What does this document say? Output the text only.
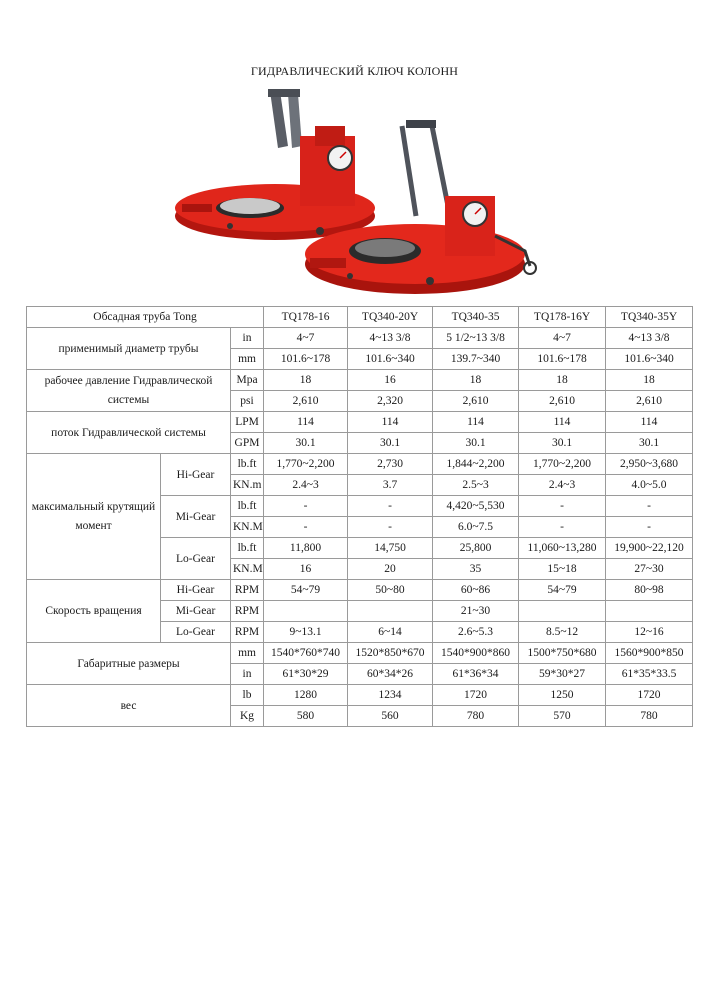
ГИДРАВЛИЧЕСКИЙ КЛЮЧ КОЛОНН
Обсадная труба Tong			TQ178-16	TQ340-20Y	TQ340-35	TQ178-16Y	TQ340-35Y
применимый диаметр трубы		in	4~7	4~13 3/8	5 1/2~13 3/8	4~7	4~13 3/8
		mm	101.6~178	101.6~340	139.7~340	101.6~178	101.6~340
рабочее давление Гидравлической системы		Mpa	18	16	18	18	18
		psi	2,610	2,320	2,610	2,610	2,610
поток Гидравлической системы		LPM	114	114	114	114	114
		GPM	30.1	30.1	30.1	30.1	30.1
максимальный крутящий момент	Hi-Gear	lb.ft	1,770~2,200	2,730	1,844~2,200	1,770~2,200	2,950~3,680
		KN.m	2.4~3	3.7	2.5~3	2.4~3	4.0~5.0
	Mi-Gear	lb.ft	-	-	4,420~5,530	-	-
		KN.M	-	-	6.0~7.5	-	-
	Lo-Gear	lb.ft	11,800	14,750	25,800	11,060~13,280	19,900~22,120
		KN.M	16	20	35	15~18	27~30
Скорость вращения	Hi-Gear	RPM	54~79	50~80	60~86	54~79	80~98
	Mi-Gear	RPM			21~30		
	Lo-Gear	RPM	9~13.1	6~14	2.6~5.3	8.5~12	12~16
Габаритные размеры		mm	1540*760*740	1520*850*670	1540*900*860	1500*750*680	1560*900*850
		in	61*30*29	60*34*26	61*36*34	59*30*27	61*35*33.5
вес		lb	1280	1234	1720	1250	1720
		Kg	580	560	780	570	780
